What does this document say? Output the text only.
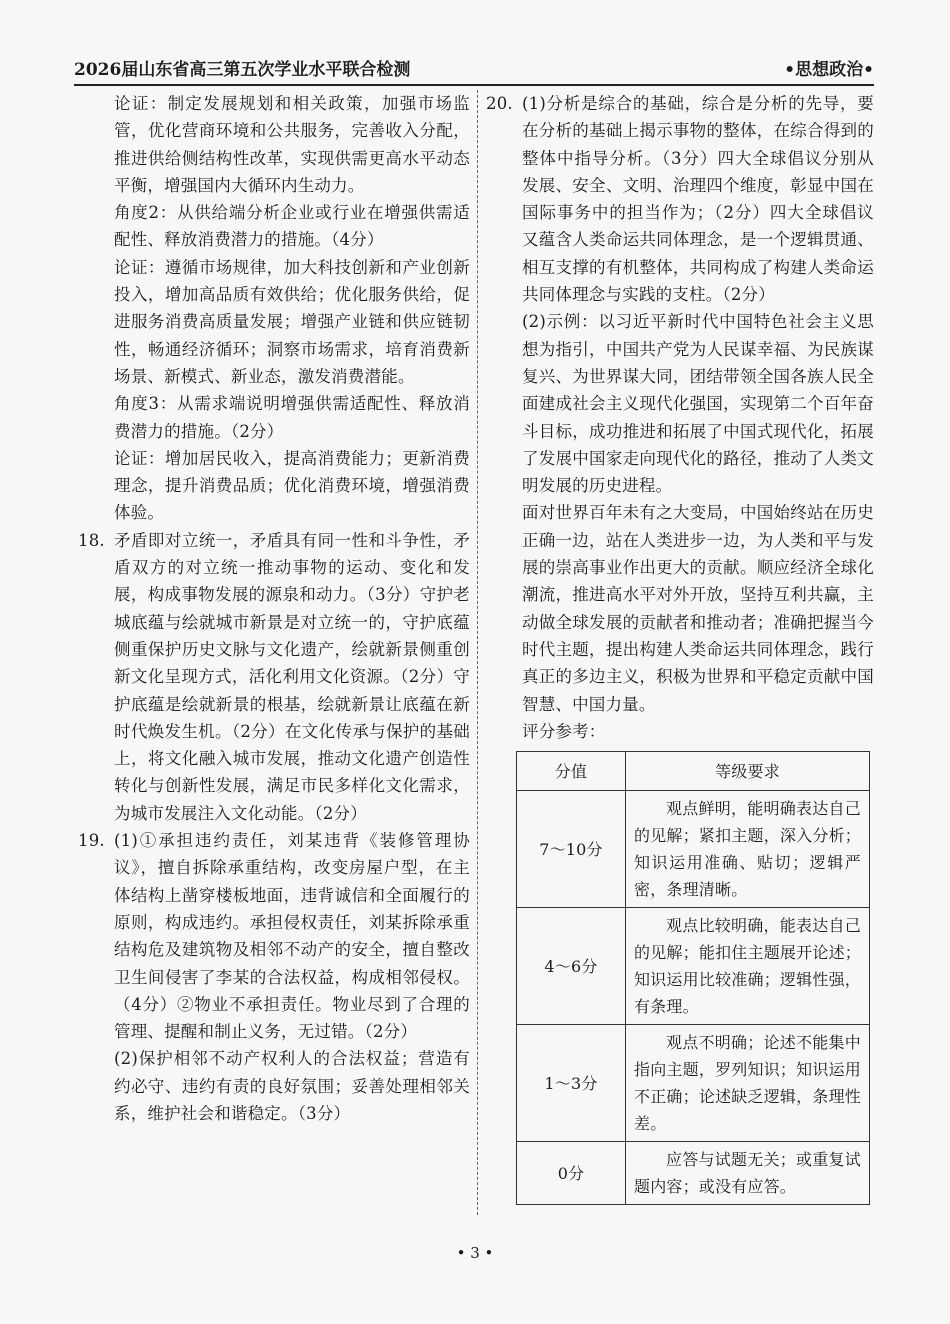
2026届山东省高三第五次学业水平联合检测	•思想政治•

论证：制定发展规划和相关政策，加强市场监管，优化营商环境和公共服务，完善收入分配，推进供给侧结构性改革，实现供需更高水平动态平衡，增强国内大循环内生动力。

角度2：从供给端分析企业或行业在增强供需适配性、释放消费潜力的措施。（4分）

论证：遵循市场规律，加大科技创新和产业创新投入，增加高品质有效供给；优化服务供给，促进服务消费高质量发展；增强产业链和供应链韧性，畅通经济循环；洞察市场需求，培育消费新场景、新模式、新业态，激发消费潜能。

角度3：从需求端说明增强供需适配性、释放消费潜力的措施。（2分）

论证：增加居民收入，提高消费能力；更新消费理念，提升消费品质；优化消费环境，增强消费体验。

18. 矛盾即对立统一，矛盾具有同一性和斗争性，矛盾双方的对立统一推动事物的运动、变化和发展，构成事物发展的源泉和动力。（3分）守护老城底蕴与绘就城市新景是对立统一的，守护底蕴侧重保护历史文脉与文化遗产，绘就新景侧重创新文化呈现方式，活化利用文化资源。（2分）守护底蕴是绘就新景的根基，绘就新景让底蕴在新时代焕发生机。（2分）在文化传承与保护的基础上，将文化融入城市发展，推动文化遗产创造性转化与创新性发展，满足市民多样化文化需求，为城市发展注入文化动能。（2分）
19. (1)①承担违约责任，刘某违背《装修管理协议》，擅自拆除承重结构，改变房屋户型，在主体结构上凿穿楼板地面，违背诚信和全面履行的原则，构成违约。承担侵权责任，刘某拆除承重结构危及建筑物及相邻不动产的安全，擅自整改卫生间侵害了李某的合法权益，构成相邻侵权。（4分）②物业不承担责任。物业尽到了合理的管理、提醒和制止义务，无过错。（2分）

(2)保护相邻不动产权利人的合法权益；营造有约必守、违约有责的良好氛围；妥善处理相邻关系，维护社会和谐稳定。（3分）

20. (1)分析是综合的基础，综合是分析的先导，要在分析的基础上揭示事物的整体，在综合得到的整体中指导分析。（3分）四大全球倡议分别从发展、安全、文明、治理四个维度，彰显中国在国际事务中的担当作为；（2分）四大全球倡议又蕴含人类命运共同体理念，是一个逻辑贯通、相互支撑的有机整体，共同构成了构建人类命运共同体理念与实践的支柱。（2分）

(2)示例：以习近平新时代中国特色社会主义思想为指引，中国共产党为人民谋幸福、为民族谋复兴、为世界谋大同，团结带领全国各族人民全面建成社会主义现代化强国，实现第二个百年奋斗目标，成功推进和拓展了中国式现代化，拓展了发展中国家走向现代化的路径，推动了人类文明发展的历史进程。

面对世界百年未有之大变局，中国始终站在历史正确一边，站在人类进步一边，为人类和平与发展的崇高事业作出更大的贡献。顺应经济全球化潮流，推进高水平对外开放，坚持互利共赢，主动做全球发展的贡献者和推动者；准确把握当今时代主题，提出构建人类命运共同体理念，践行真正的多边主义，积极为世界和平稳定贡献中国智慧、中国力量。

评分参考：

分值	等级要求
7～10分	观点鲜明，能明确表达自己的见解；紧扣主题，深入分析；知识运用准确、贴切；逻辑严密，条理清晰。

4～6分	观点比较明确，能表达自己的见解；能扣住主题展开论述；知识运用比较准确；逻辑性强，有条理。

1～3分	观点不明确；论述不能集中指向主题，罗列知识；知识运用不正确；论述缺乏逻辑，条理性差。

0分	应答与试题无关；或重复试题内容；或没有应答。
• 3 •
